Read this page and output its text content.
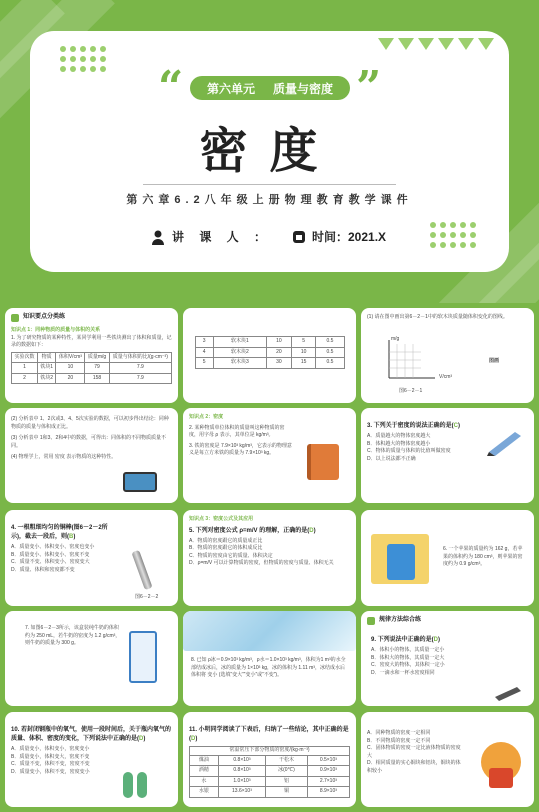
“	”
第六单元 质量与密度
密度
第六章6.2八年级上册物理教育教学课件
讲 课 人 ：	时间：2021.X
知识要点分类练
知识点 1：同种物质的质量与体积的关系
1. 为了研究物质的某种特性，某同学利用一些铁块测出了体积和质量，记录的数据如下：
实验次数	物质	体积V/cm³	质量m/g	质量与体积的比/(g·cm⁻³)
1	铁块1	10	79	7.9
2	铁块2	20	158	7.9
3	软木块1	10	5	0.5
4	软木块2	20	10	0.5
5	软木块3	30	15	0.5
(1) 请在图中画出第6－2－1中的软木块质量随体积变化的图线。
m/g
V/cm³
图6－2－1
图画
(2) 分析表中 1、2次或3、4、5次实验的数据，可以初步得出结论：同种物质的质量与体积成正比。
(3) 分析表中 1和3、2和4中的数据，可得出：同体积的不同物质质量不同。
(4) 物理学上，常用 密度 表示物质的这种特性。
知识点 2：密度
2. 某种物质单位体积的质量叫这种物质的密度，用字母 ρ 表示，其单位是 kg/m³。
3. 铁的密度是 7.9×10³ kg/m³，它表示的物理意义是每立方米铁的质量为 7.9×10³ kg。
3. 下列关于密度的说法正确的是(C)
A．质量越大的物体密度越大
B．体积越大的物体密度越小
C．物体的质量与体积的比值叫做密度
D．以上说法都不正确
4. 一根粗细均匀的铜棒(图6－2－2所示)，截去一段后，则(B)
A．质量变小、体积变小、密度也变小
B．质量变小、体积变小、密度不变
C．质量不变、体积变小、密度变大
D．质量、体积和密度都不变
图6－2－2
知识点 3：密度公式及其应用
5. 下列对密度公式 ρ=m/V 的理解，正确的是(D)
A．物质的密度跟它的质量成正比
B．物质的密度跟它的体积成反比
C．物质的密度由它的质量、体积决定
D．ρ=m/V 可以计算物质的密度，但物质的密度与质量、体积无关
6. 一个苹果的质量约为 162 g，若苹果的体积约为 180 cm³，则苹果的密度约为 0.9 g/cm³。
7. 如图6－2－3所示，该盒装纯牛奶的体积约为 250 mL，若牛奶的密度为 1.2 g/cm³，则牛奶的质量为 300 g。
8. 已知 ρ冰＝0.9×10³ kg/m³，ρ水＝1.0×10³ kg/m³，体积为1 m³的水全部结成冰后，冰的质量为 1×10³ kg，冰的体积为 1.11 m³，冰结成水后体积将 变小 (选填“变大”“变小”或“不变”)。
规律方法综合练
9. 下列说法中正确的是(D)
A．体积小的物体，其质量一定小
B．体积大的物体，其质量一定大
C．密度大的物体，其体积一定小
D．一滴水和一杯水密度相同
10. 若封闭钢瓶中的氧气，使用一段时间后，关于瓶内氧气的质量、体积、密度的变化，下列说法中正确的是(D)
A．质量变小，体积变小，密度变小
B．质量变小，体积变大，密度不变
C．质量不变，体积不变，密度不变
D．质量变小，体积不变，密度变小
11. 小明同学阅读了下表后，归纳了一些结论，其中正确的是(D)
常温常压下部分物质的密度/(kg·m⁻³)
煤油	0.8×10³	干松木	0.5×10³
酒精	0.8×10³	冰(0℃)	0.9×10³
水	1.0×10³	铝	2.7×10³
水银	13.6×10³	铜	8.9×10³
A．同种物质的密度一定相同
B．不同物质的密度一定不同
C．固体物质的密度一定比液体物质的密度大
D．相同质量的实心铜块和铝块，铜块的体积较小
